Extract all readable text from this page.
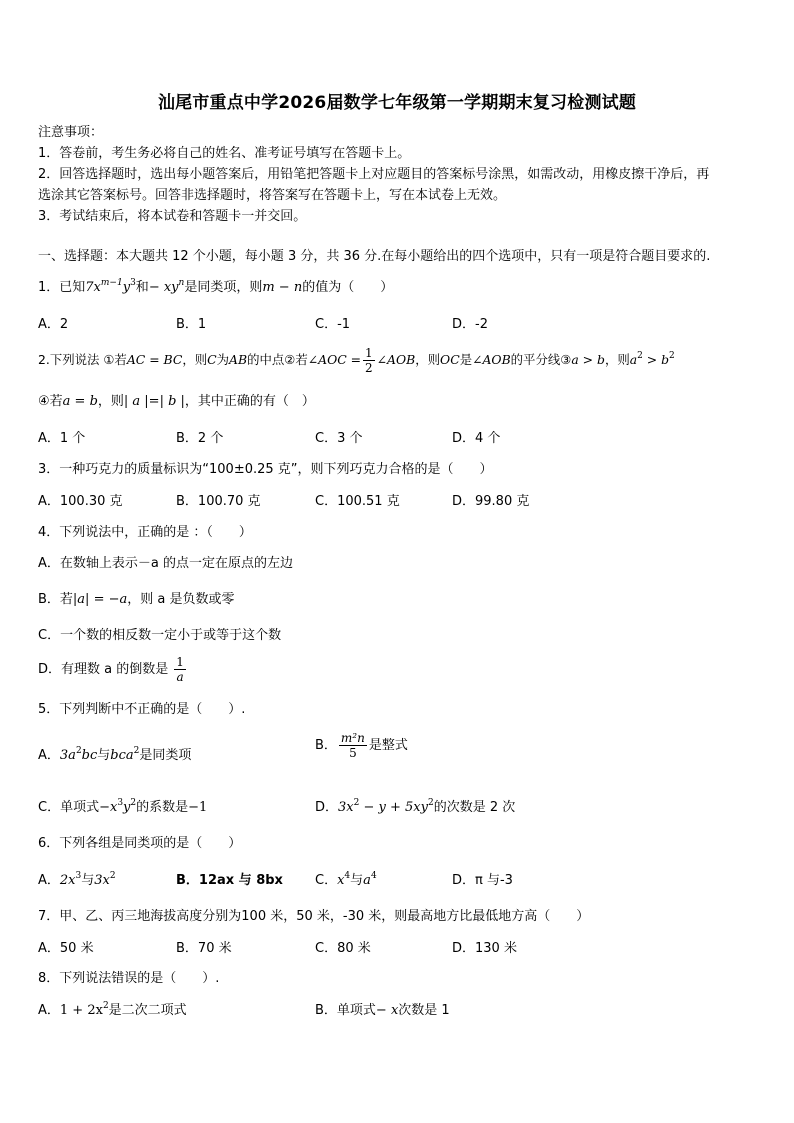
汕尾市重点中学2026届数学七年级第一学期期末复习检测试题
注意事项：
1．答卷前，考生务必将自己的姓名、准考证号填写在答题卡上。
2．回答选择题时，选出每小题答案后，用铅笔把答题卡上对应题目的答案标号涂黑，如需改动，用橡皮擦干净后，再
选涂其它答案标号。回答非选择题时，将答案写在答题卡上，写在本试卷上无效。
3．考试结束后，将本试卷和答题卡一并交回。
一、选择题：本大题共 12 个小题，每小题 3 分，共 36 分.在每小题给出的四个选项中，只有一项是符合题目要求的.
1．已知$7x^{m-1}y^3$和− $xy^n$是同类项，则m − n的值为（　　）
A．2	B．1	C．-1	D．-2
2.下列说法 ①若AC = BC，则C为AB的中点②若∠AOC = $\frac{1}{2}$ ∠AOB，则OC是∠AOB的平分线③a > b，则$a^2 > b^2$
④若a = b，则| a |=| b |，其中正确的有（　）
A．1 个	B．2 个	C．3 个	D．4 个
3．一种巧克力的质量标识为“100±0.25 克”，则下列巧克力合格的是（　　）
A．100.30 克	B．100.70 克	C．100.51 克	D．99.80 克
4．下列说法中，正确的是 ：（　　）
A．在数轴上表示－a 的点一定在原点的左边
B．若|a| = −a，则 a 是负数或零
C．一个数的相反数一定小于或等于这个数
D．有理数 a 的倒数是 $\frac{1}{a}$
5．下列判断中不正确的是（　　）.
A．$3a^2bc$与bca$^2$是同类项
B． $\frac{\text{m²n}}{5}$ 是整式
C．单项式$-x^3y^2$的系数是−1	D．$3x^2 - y + 5xy^2$的次数是 2 次
6．下列各组是同类项的是（　　）
A．$2x^3$与$3x^2$	B．12ax 与 8bx C．$x^4$与$a^4$	D．π 与-3
7．甲、乙、丙三地海拔高度分别为100 米，50 米，-30 米，则最高地方比最低地方高（　　）
A．50 米	B．70 米	C．80 米	D．130 米
8．下列说法错误的是（　　）.
A．$1 + 2x^2$是二次二项式	B．单项式− x次数是 1
